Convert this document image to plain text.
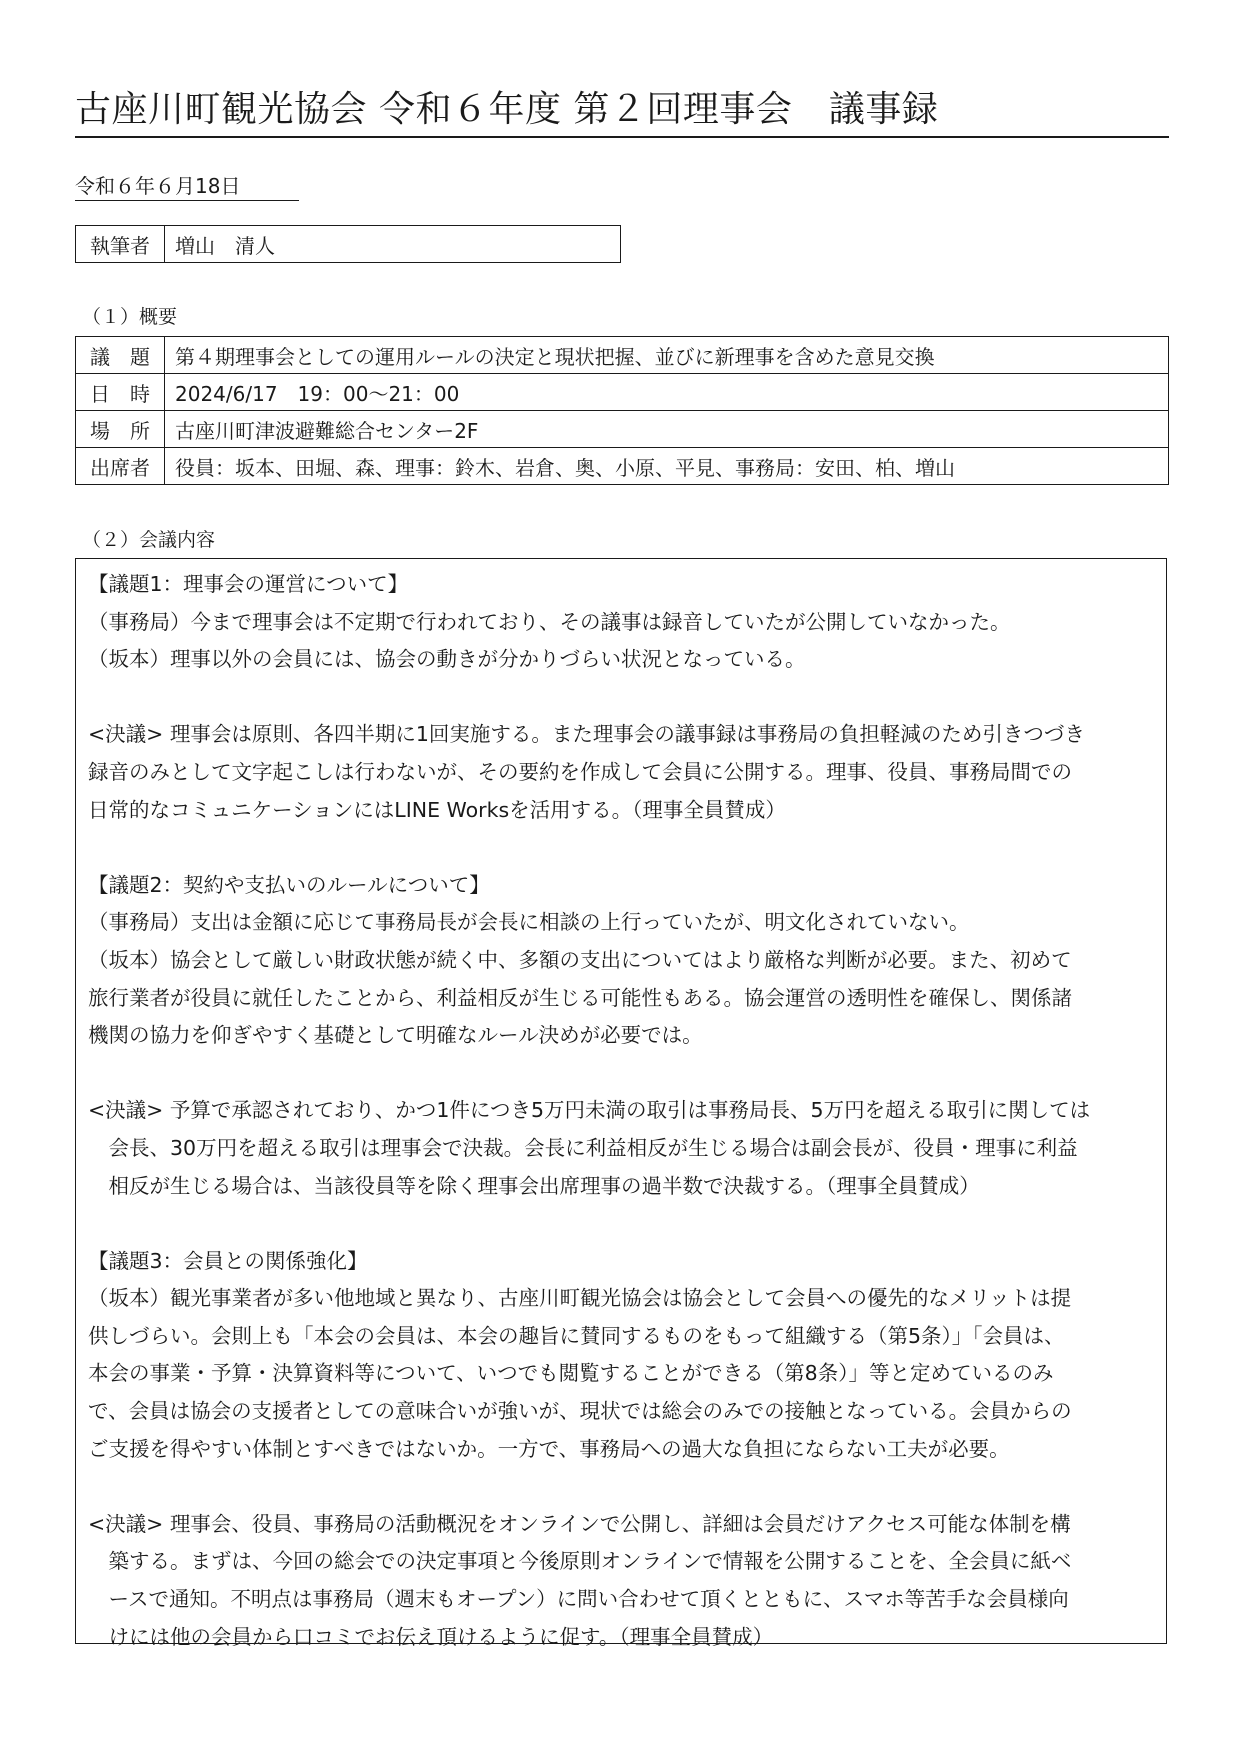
古座川町観光協会 令和６年度 第２回理事会　議事録
令和６年６月18日
執筆者	増山　清人
（１）概要
議　題	第４期理事会としての運用ルールの決定と現状把握、並びに新理事を含めた意見交換
日　時	2024/6/17　19：00～21：00
場　所	古座川町津波避難総合センター2F
出席者	役員：坂本、田堀、森、理事：鈴木、岩倉、奥、小原、平見、事務局：安田、柏、増山
（２）会議内容

【議題1：理事会の運営について】

（事務局）今まで理事会は不定期で行われており、その議事は録音していたが公開していなかった。

（坂本）理事以外の会員には、協会の動きが分かりづらい状況となっている。

<決議> 理事会は原則、各四半期に1回実施する。また理事会の議事録は事務局の負担軽減のため引きつづき

録音のみとして文字起こしは行わないが、その要約を作成して会員に公開する。理事、役員、事務局間での

日常的なコミュニケーションにはLINE Worksを活用する。（理事全員賛成）

【議題2：契約や支払いのルールについて】

（事務局）支出は金額に応じて事務局長が会長に相談の上行っていたが、明文化されていない。

（坂本）協会として厳しい財政状態が続く中、多額の支出についてはより厳格な判断が必要。また、初めて

旅行業者が役員に就任したことから、利益相反が生じる可能性もある。協会運営の透明性を確保し、関係諸

機関の協力を仰ぎやすく基礎として明確なルール決めが必要では。

<決議> 予算で承認されており、かつ1件につき5万円未満の取引は事務局長、5万円を超える取引に関しては

会長、30万円を超える取引は理事会で決裁。会長に利益相反が生じる場合は副会長が、役員・理事に利益

相反が生じる場合は、当該役員等を除く理事会出席理事の過半数で決裁する。（理事全員賛成）

【議題3：会員との関係強化】

（坂本）観光事業者が多い他地域と異なり、古座川町観光協会は協会として会員への優先的なメリットは提

供しづらい。会則上も「本会の会員は、本会の趣旨に賛同するものをもって組織する（第5条）」「会員は、

本会の事業・予算・決算資料等について、いつでも閲覧することができる（第8条）」等と定めているのみ

で、会員は協会の支援者としての意味合いが強いが、現状では総会のみでの接触となっている。会員からの

ご支援を得やすい体制とすべきではないか。一方で、事務局への過大な負担にならない工夫が必要。

<決議> 理事会、役員、事務局の活動概況をオンラインで公開し、詳細は会員だけアクセス可能な体制を構

築する。まずは、今回の総会での決定事項と今後原則オンラインで情報を公開することを、全会員に紙ベ

ースで通知。不明点は事務局（週末もオープン）に問い合わせて頂くとともに、スマホ等苦手な会員様向

けには他の会員から口コミでお伝え頂けるように促す。（理事全員賛成）
